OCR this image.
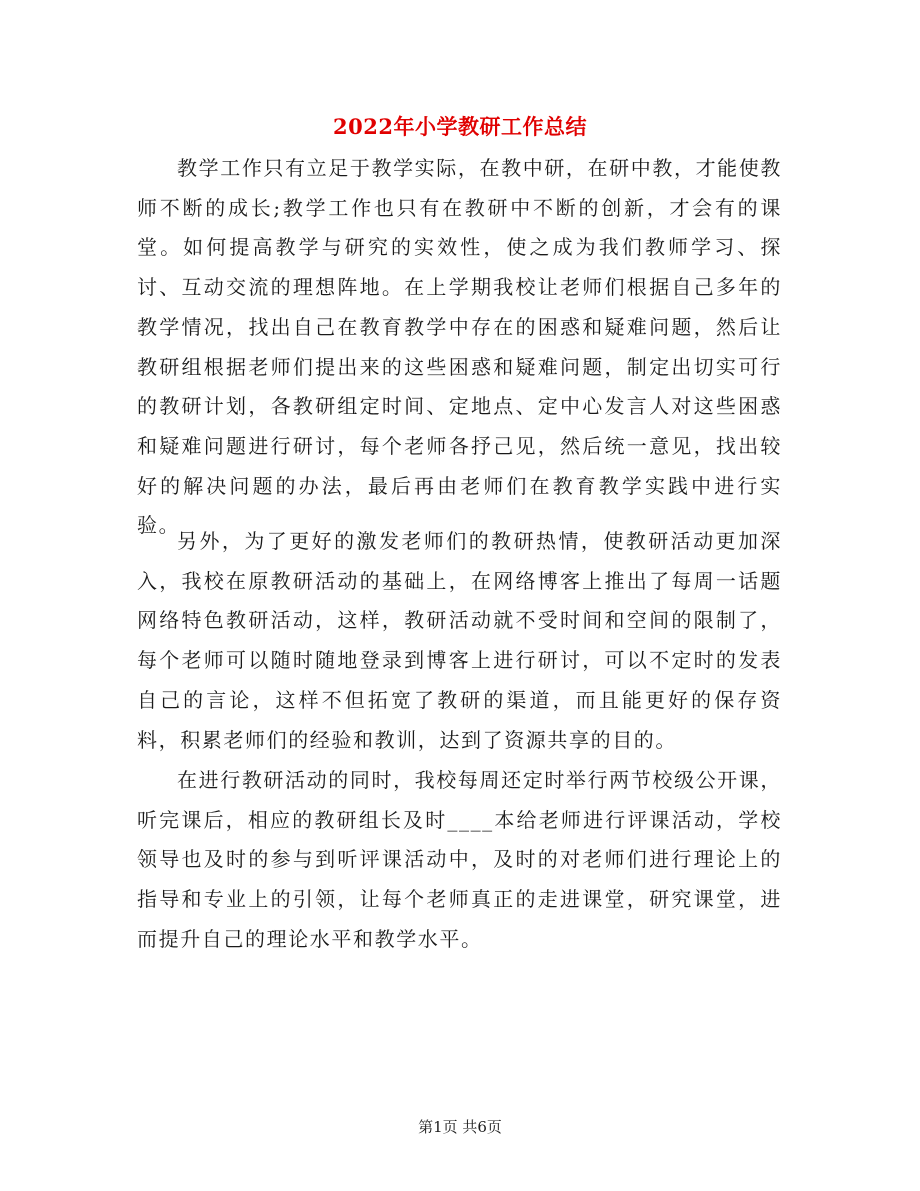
2022年小学教研工作总结
教学工作只有立足于教学实际，在教中研，在研中教，才能使教师不断的成长;教学工作也只有在教研中不断的创新，才会有的课堂。如何提高教学与研究的实效性，使之成为我们教师学习、探讨、互动交流的理想阵地。在上学期我校让老师们根据自己多年的教学情况，找出自己在教育教学中存在的困惑和疑难问题，然后让教研组根据老师们提出来的这些困惑和疑难问题，制定出切实可行的教研计划，各教研组定时间、定地点、定中心发言人对这些困惑和疑难问题进行研讨，每个老师各抒己见，然后统一意见，找出较好的解决问题的办法，最后再由老师们在教育教学实践中进行实验。
另外，为了更好的激发老师们的教研热情，使教研活动更加深入，我校在原教研活动的基础上，在网络博客上推出了每周一话题网络特色教研活动，这样，教研活动就不受时间和空间的限制了，每个老师可以随时随地登录到博客上进行研讨，可以不定时的发表自己的言论，这样不但拓宽了教研的渠道，而且能更好的保存资料，积累老师们的经验和教训，达到了资源共享的目的。
在进行教研活动的同时，我校每周还定时举行两节校级公开课，听完课后，相应的教研组长及时____本给老师进行评课活动，学校领导也及时的参与到听评课活动中，及时的对老师们进行理论上的指导和专业上的引领，让每个老师真正的走进课堂，研究课堂，进而提升自己的理论水平和教学水平。
第1页 共6页
